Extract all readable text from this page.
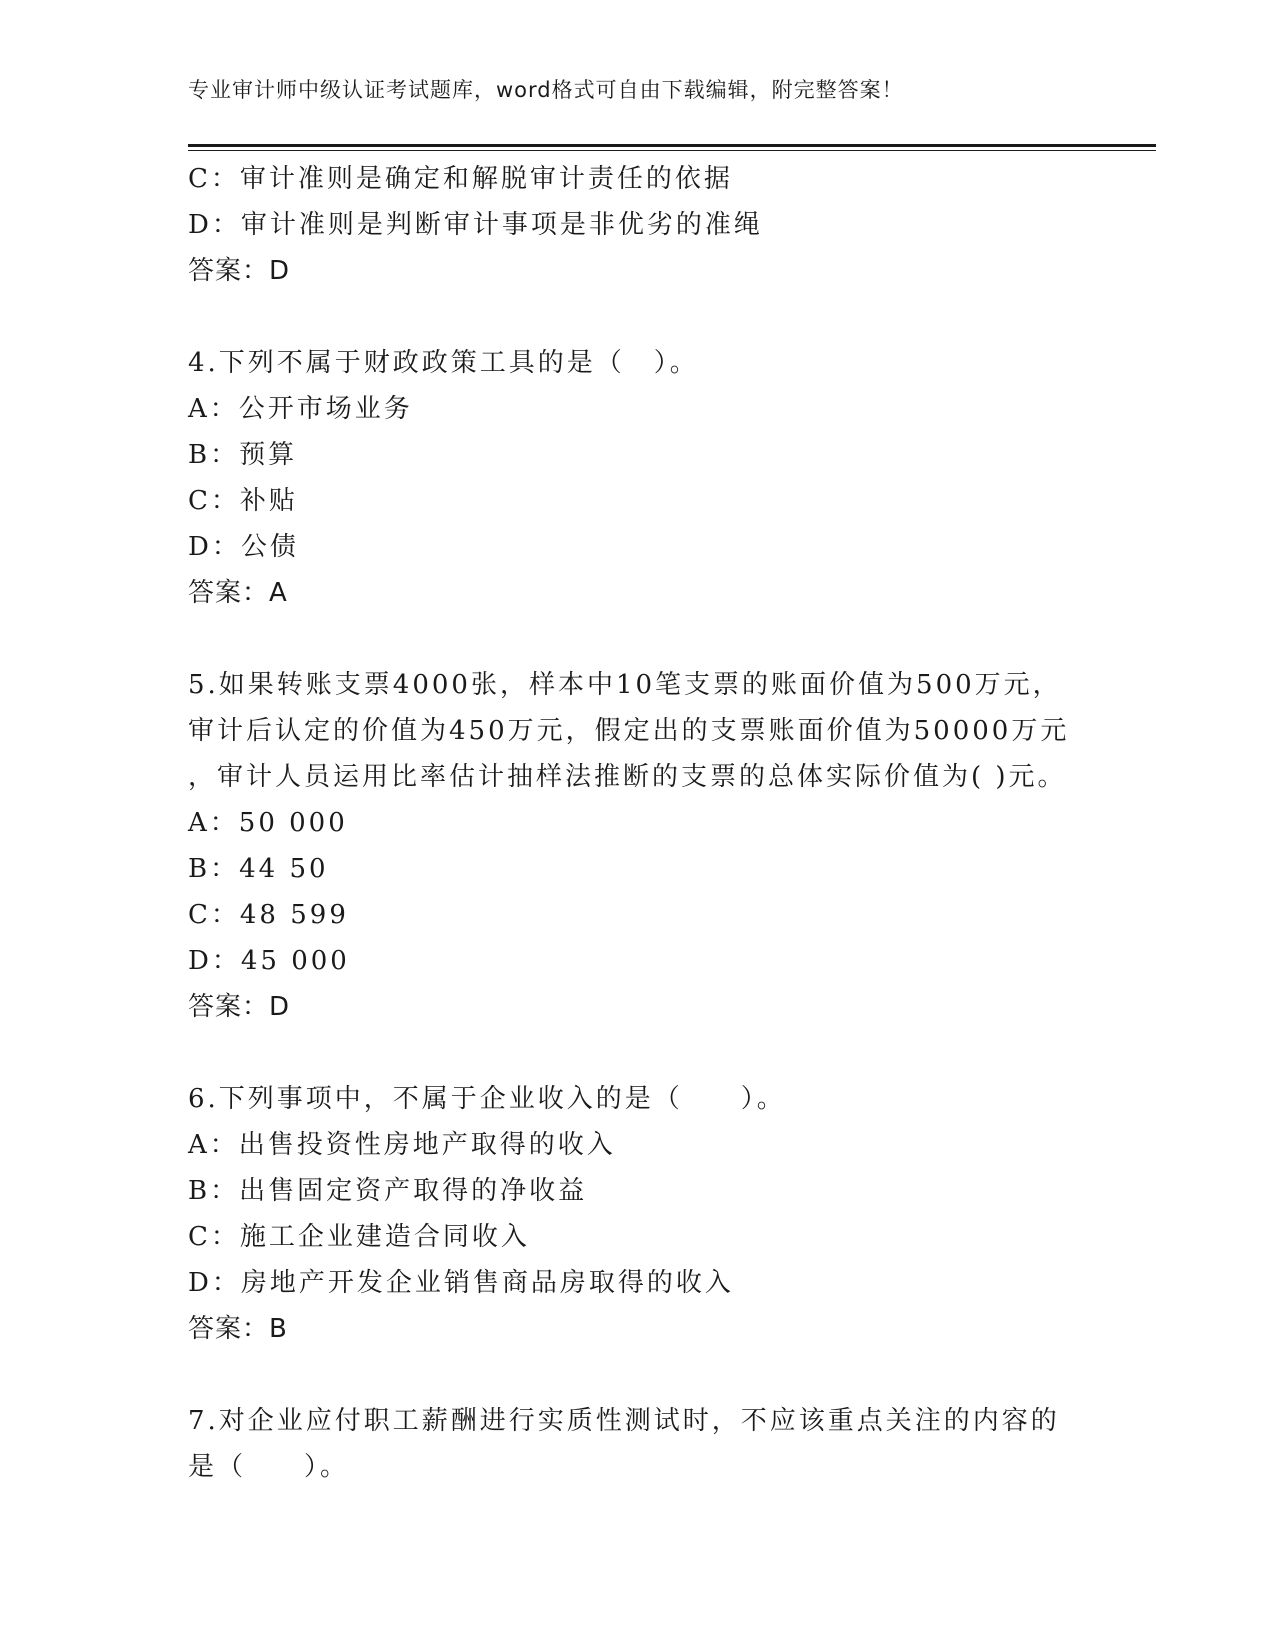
专业审计师中级认证考试题库，word格式可自由下载编辑，附完整答案！
C：审计准则是确定和解脱审计责任的依据
D：审计准则是判断审计事项是非优劣的准绳
答案：D
4.下列不属于财政政策工具的是（　）。
A：公开市场业务
B：预算
C：补贴
D：公债
答案：A
5.如果转账支票4000张，样本中10笔支票的账面价值为500万元，
审计后认定的价值为450万元，假定出的支票账面价值为50000万元
，审计人员运用比率估计抽样法推断的支票的总体实际价值为( )元。
A：50 000
B：44 50
C：48 599
D：45 000
答案：D
6.下列事项中，不属于企业收入的是（　　）。
A：出售投资性房地产取得的收入
B：出售固定资产取得的净收益
C：施工企业建造合同收入
D：房地产开发企业销售商品房取得的收入
答案：B
7.对企业应付职工薪酬进行实质性测试时，不应该重点关注的内容的
是（　　）。
